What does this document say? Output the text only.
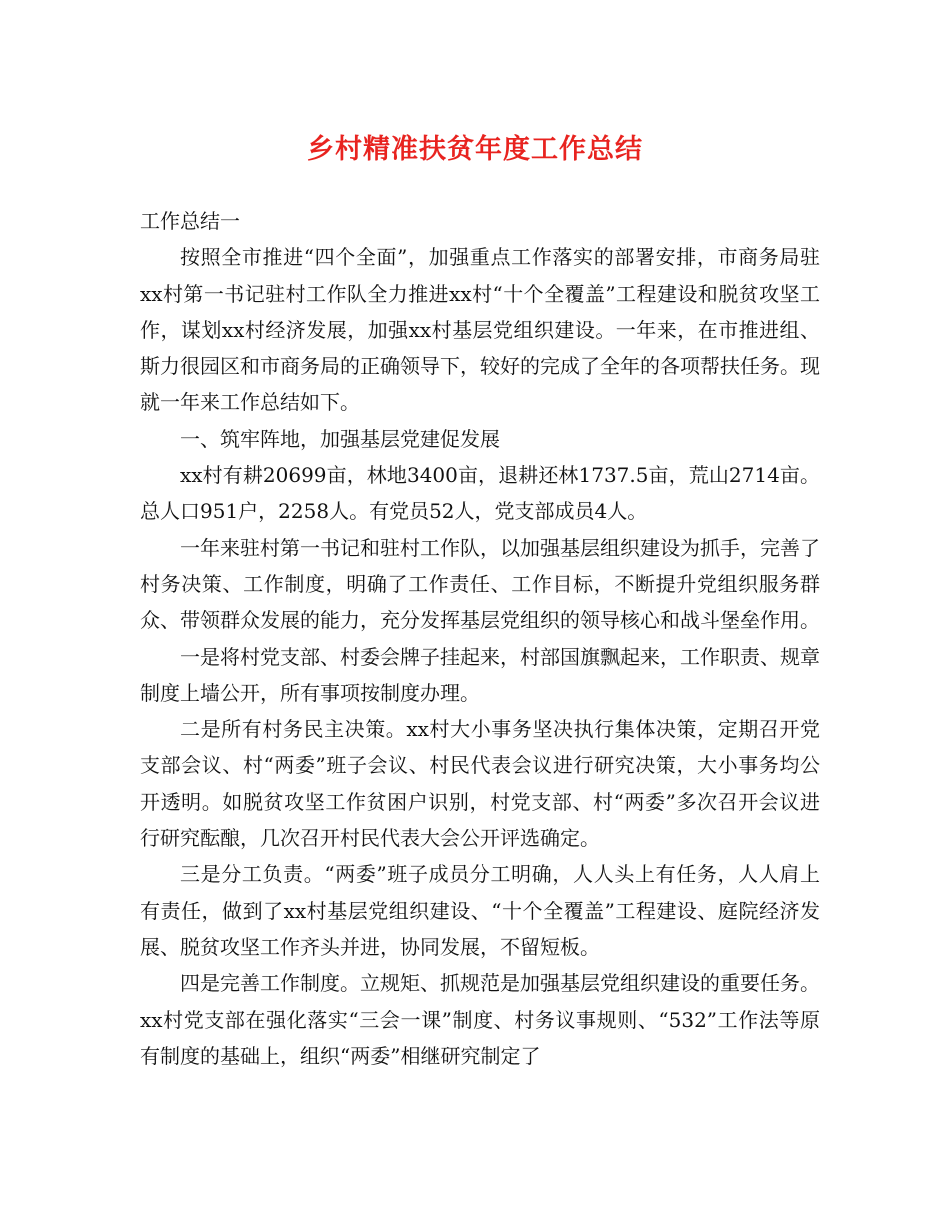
乡村精准扶贫年度工作总结

工作总结一

按照全市推进“四个全面”，加强重点工作落实的部署安排，市商务局驻xx村第一书记驻村工作队全力推进xx村“十个全覆盖”工程建设和脱贫攻坚工作，谋划xx村经济发展，加强xx村基层党组织建设。一年来，在市推进组、斯力很园区和市商务局的正确领导下，较好的完成了全年的各项帮扶任务。现就一年来工作总结如下。

一、筑牢阵地，加强基层党建促发展

xx村有耕20699亩，林地3400亩，退耕还林1737.5亩，荒山2714亩。总人口951户，2258人。有党员52人，党支部成员4人。

一年来驻村第一书记和驻村工作队，以加强基层组织建设为抓手，完善了村务决策、工作制度，明确了工作责任、工作目标，不断提升党组织服务群众、带领群众发展的能力，充分发挥基层党组织的领导核心和战斗堡垒作用。

一是将村党支部、村委会牌子挂起来，村部国旗飘起来，工作职责、规章制度上墙公开，所有事项按制度办理。

二是所有村务民主决策。xx村大小事务坚决执行集体决策，定期召开党支部会议、村“两委”班子会议、村民代表会议进行研究决策，大小事务均公开透明。如脱贫攻坚工作贫困户识别，村党支部、村“两委”多次召开会议进行研究酝酿，几次召开村民代表大会公开评选确定。

三是分工负责。“两委”班子成员分工明确，人人头上有任务，人人肩上有责任，做到了xx村基层党组织建设、“十个全覆盖”工程建设、庭院经济发展、脱贫攻坚工作齐头并进，协同发展，不留短板。

四是完善工作制度。立规矩、抓规范是加强基层党组织建设的重要任务。xx村党支部在强化落实“三会一课”制度、村务议事规则、“532”工作法等原有制度的基础上，组织“两委”相继研究制定了
